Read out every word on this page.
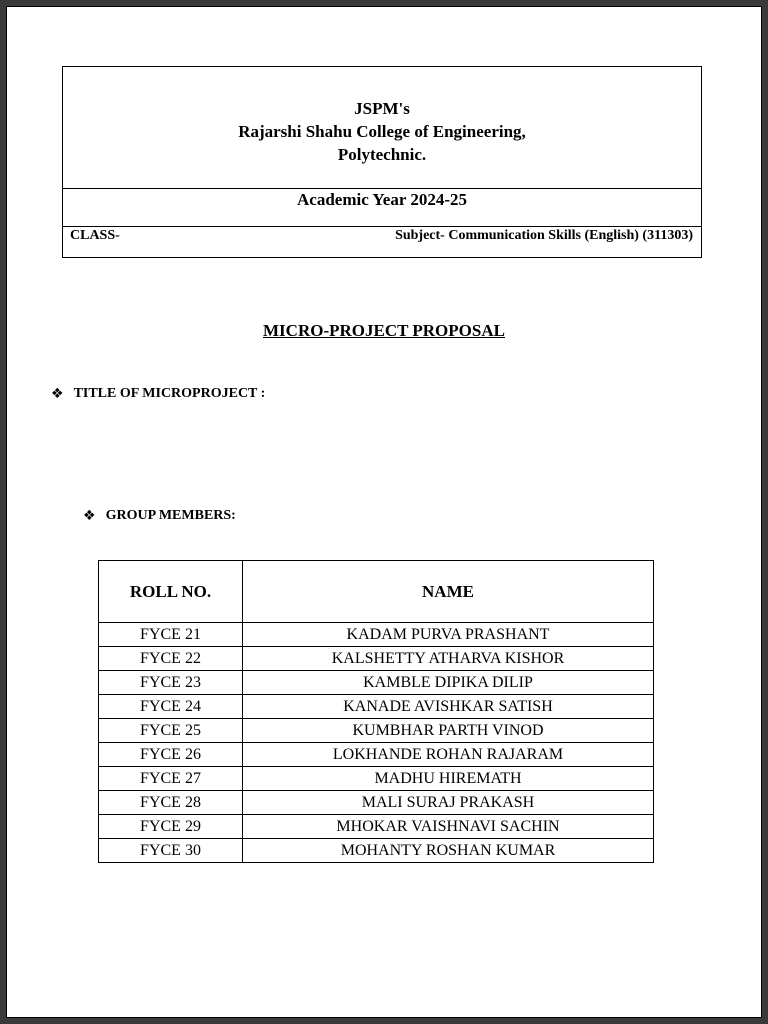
JSPM's
Rajarshi Shahu College of Engineering,
Polytechnic.
Academic Year 2024-25
CLASS-	Subject- Communication Skills (English) (311303)
MICRO-PROJECT PROPOSAL
❖ TITLE OF MICROPROJECT :
❖ GROUP MEMBERS:
ROLL NO.	NAME
FYCE 21	KADAM PURVA PRASHANT
FYCE 22	KALSHETTY ATHARVA KISHOR
FYCE 23	KAMBLE DIPIKA DILIP
FYCE 24	KANADE AVISHKAR SATISH
FYCE 25	KUMBHAR PARTH VINOD
FYCE 26	LOKHANDE ROHAN RAJARAM
FYCE 27	MADHU HIREMATH
FYCE 28	MALI SURAJ PRAKASH
FYCE 29	MHOKAR VAISHNAVI SACHIN
FYCE 30	MOHANTY ROSHAN KUMAR
